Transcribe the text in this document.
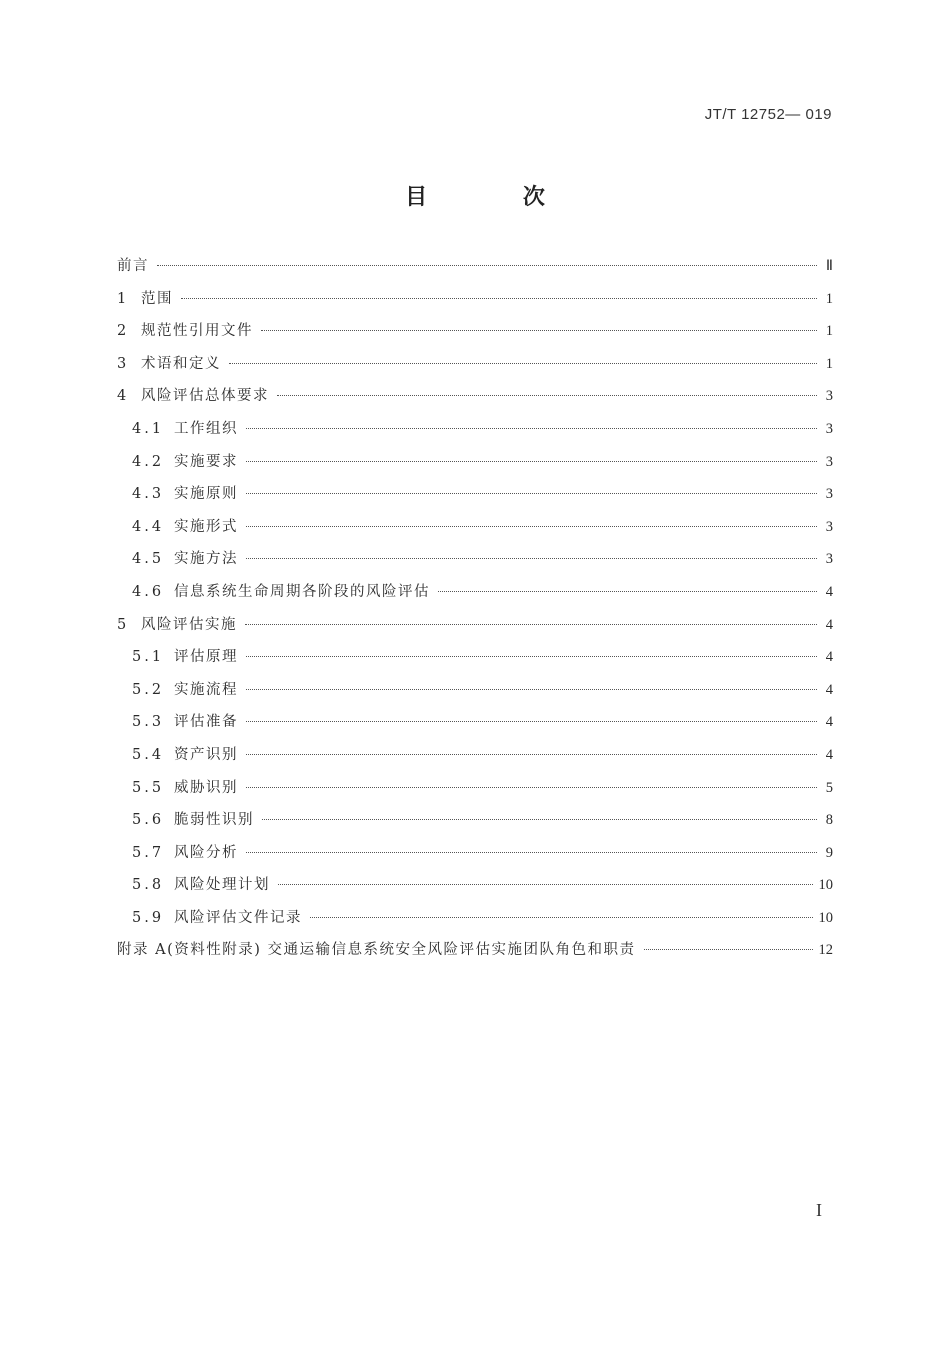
JT/T 12752— 019
目 次
前言	Ⅱ
1 范围	1
2 规范性引用文件	1
3 术语和定义	1
4 风险评估总体要求	3
4.1 工作组织	3
4.2 实施要求	3
4.3 实施原则	3
4.4 实施形式	3
4.5 实施方法	3
4.6 信息系统生命周期各阶段的风险评估	4
5 风险评估实施	4
5.1 评估原理	4
5.2 实施流程	4
5.3 评估准备	4
5.4 资产识别	4
5.5 威胁识别	5
5.6 脆弱性识别	8
5.7 风险分析	9
5.8 风险处理计划	10
5.9 风险评估文件记录	10
附录 A(资料性附录) 交通运输信息系统安全风险评估实施团队角色和职责	12
I
